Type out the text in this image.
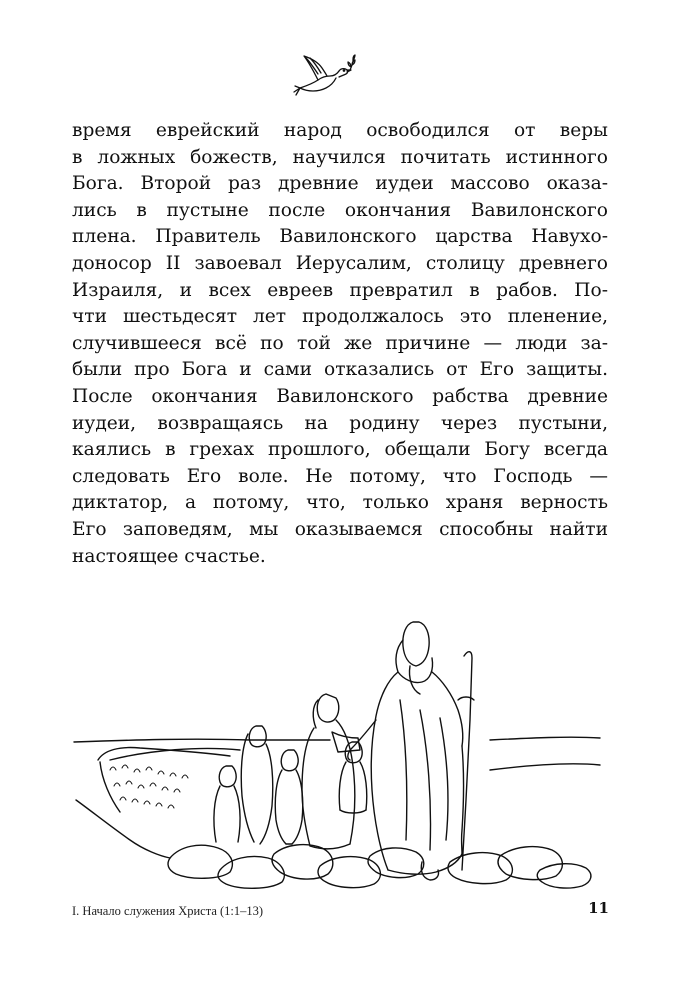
время еврейский народ освободился от веры
в ложных божеств, научился почитать истинного
Бога. Второй раз древние иудеи массово оказа-
лись в пустыне после окончания Вавилонского
плена. Правитель Вавилонского царства Навухо-
доносор II завоевал Иерусалим, столицу древнего
Израиля, и всех евреев превратил в рабов. По-
чти шестьдесят лет продолжалось это пленение,
случившееся всё по той же причине — люди за-
были про Бога и сами отказались от Его защиты.
После окончания Вавилонского рабства древние
иудеи, возвращаясь на родину через пустыни,
каялись в грехах прошлого, обещали Богу всегда
следовать Его воле. Не потому, что Господь —
диктатор, а потому, что, только храня верность
Его заповедям, мы оказываемся способны найти
настоящее счастье.
I. Начало служения Христа (1:1–13)	11
